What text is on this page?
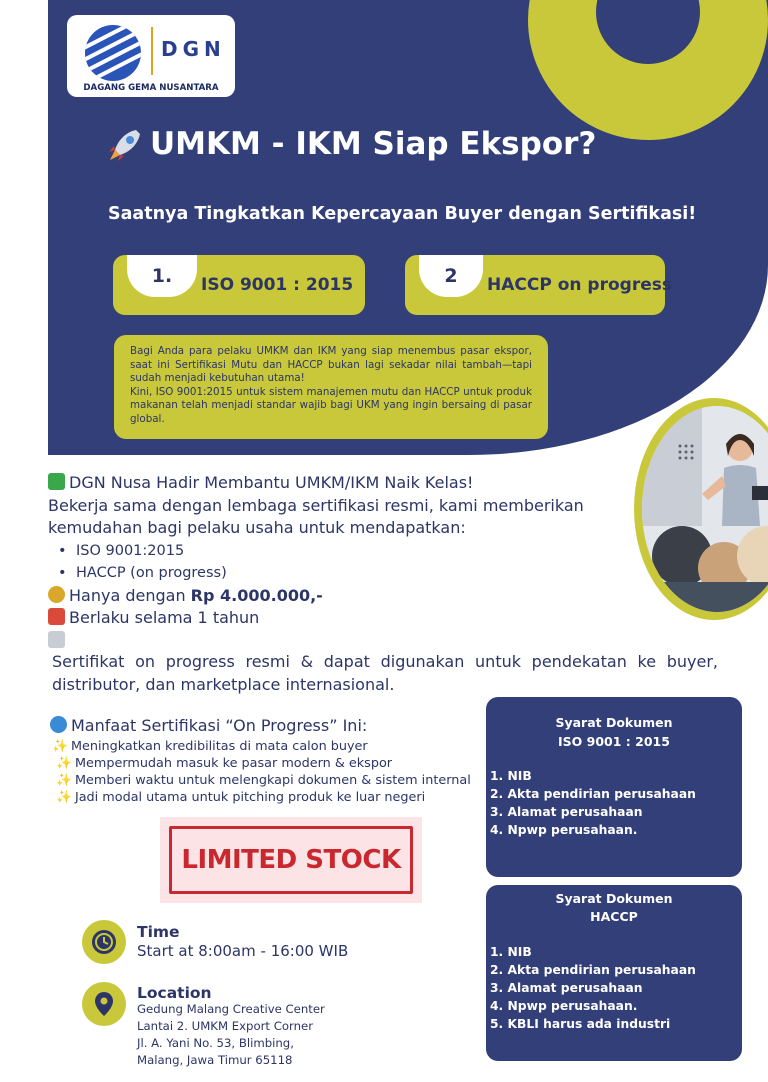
DGN
DAGANG GEMA NUSANTARA
UMKM - IKM Siap Ekspor?
Saatnya Tingkatkan Kepercayaan Buyer dengan Sertifikasi!
1.	ISO 9001 : 2015	2	HACCP on progress

Bagi Anda para pelaku UMKM dan IKM yang siap menembus pasar ekspor, saat ini Sertifikasi Mutu dan HACCP bukan lagi sekadar nilai tambah—tapi sudah menjadi kebutuhan utama!

Kini, ISO 9001:2015 untuk sistem manajemen mutu dan HACCP untuk produk makanan telah menjadi standar wajib bagi UKM yang ingin bersaing di pasar global.

DGN Nusa Hadir Membantu UMKM/IKM Naik Kelas!
Bekerja sama dengan lembaga sertifikasi resmi, kami memberikan
kemudahan bagi pelaku usaha untuk mendapatkan:
• ISO 9001:2015
• HACCP (on progress)
Hanya dengan Rp 4.000.000,-
Berlaku selama 1 tahun
Sertifikat on progress resmi & dapat digunakan untuk pendekatan ke buyer, distributor, dan marketplace internasional.
Manfaat Sertifikasi “On Progress” Ini:
✨ Meningkatkan kredibilitas di mata calon buyer
✨ Mempermudah masuk ke pasar modern & ekspor
✨ Memberi waktu untuk melengkapi dokumen & sistem internal
✨ Jadi modal utama untuk pitching produk ke luar negeri
LIMITED STOCK
Time
Start at 8:00am - 16:00 WIB
Location
Gedung Malang Creative Center
Lantai 2. UMKM Export Corner
Jl. A. Yani No. 53, Blimbing,
Malang, Jawa Timur 65118
Syarat Dokumen
ISO 9001 : 2015
1. NIB
2. Akta pendirian perusahaan
3. Alamat perusahaan
4. Npwp perusahaan.
Syarat Dokumen
HACCP
1. NIB
2. Akta pendirian perusahaan
3. Alamat perusahaan
4. Npwp perusahaan.
5. KBLI harus ada industri
